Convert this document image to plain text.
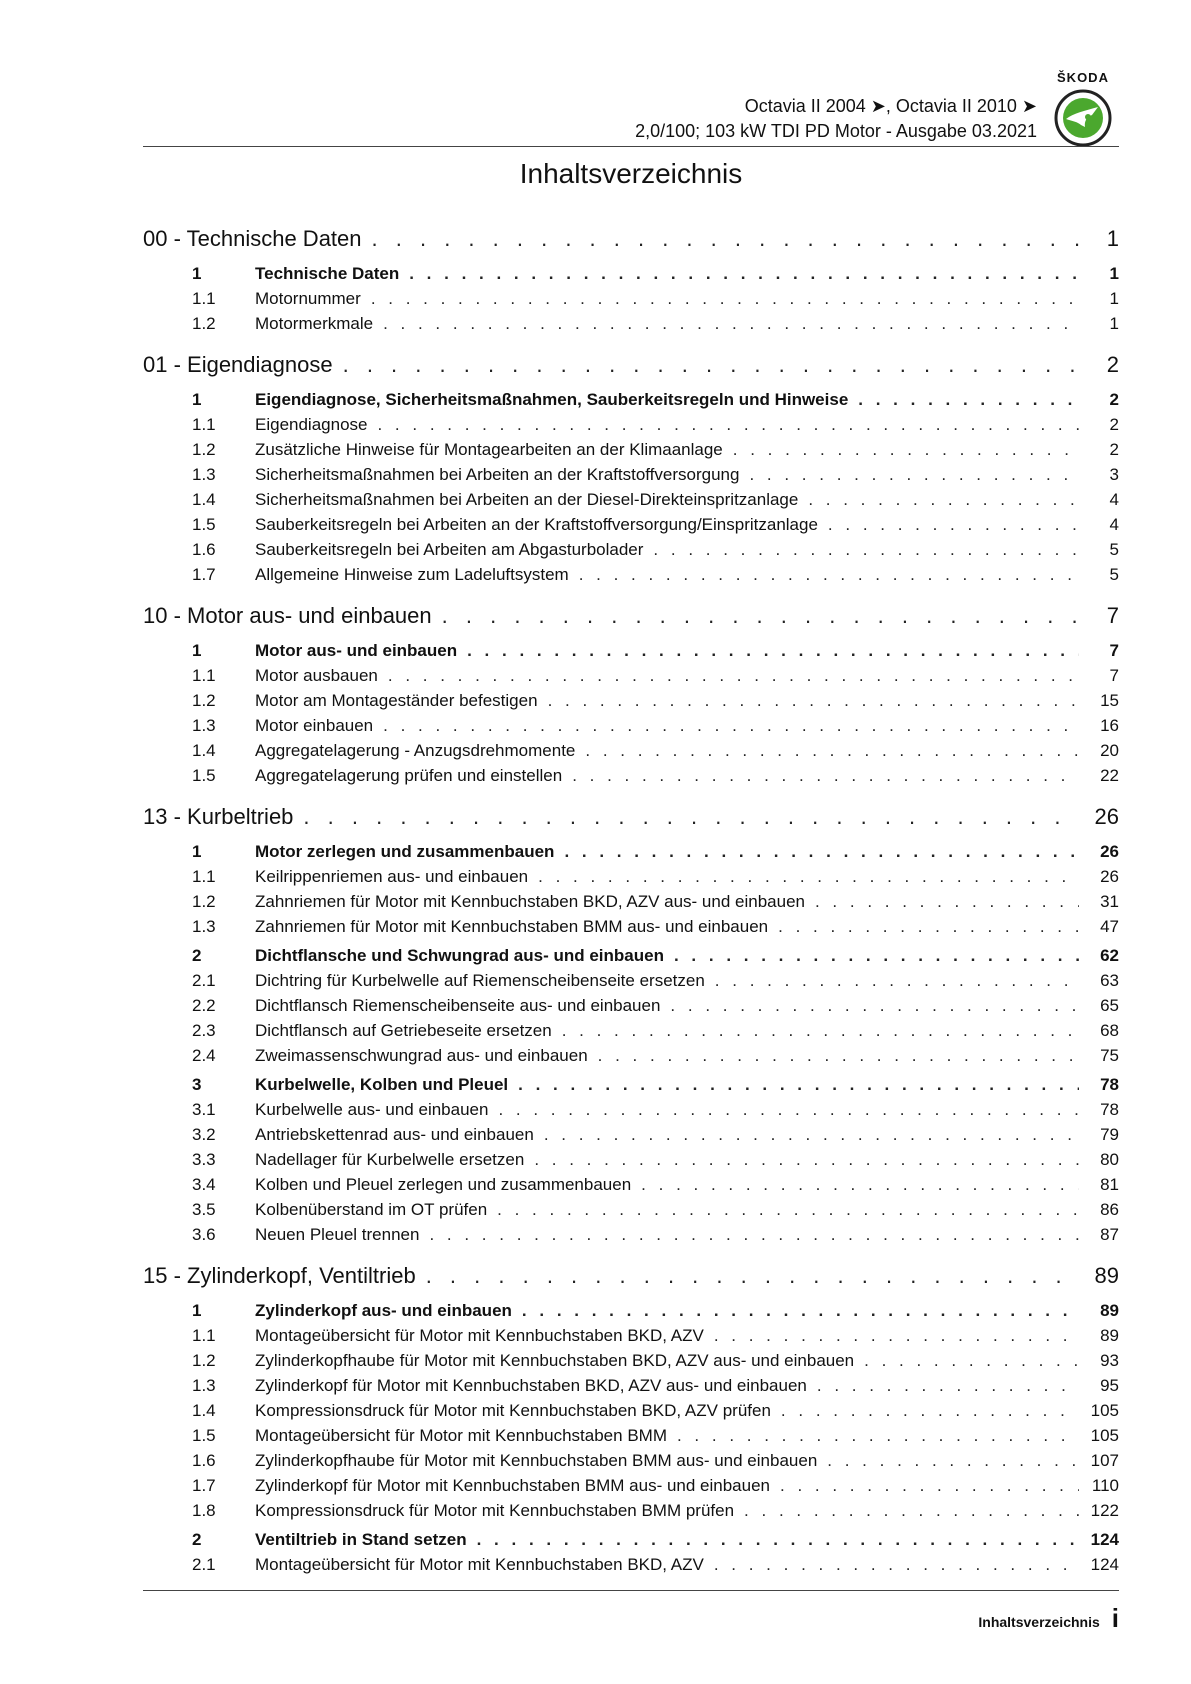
ŠKODA
Octavia II 2004 ➤, Octavia II 2010 ➤
2,0/100; 103 kW TDI PD Motor - Ausgabe 03.2021
Inhaltsverzeichnis
00 - Technische Daten . . .	1
1	Technische Daten . . .	1
1.1	Motornummer . . .	1
1.2	Motormerkmale . . .	1
01 - Eigendiagnose . . .	2
1	Eigendiagnose, Sicherheitsmaßnahmen, Sauberkeitsregeln und Hinweise . . .	2
1.1	Eigendiagnose . . .	2
1.2	Zusätzliche Hinweise für Montagearbeiten an der Klimaanlage . . .	2
1.3	Sicherheitsmaßnahmen bei Arbeiten an der Kraftstoffversorgung . . .	3
1.4	Sicherheitsmaßnahmen bei Arbeiten an der Diesel-Direkteinspritzanlage . . .	4
1.5	Sauberkeitsregeln bei Arbeiten an der Kraftstoffversorgung/Einspritzanlage . . .	4
1.6	Sauberkeitsregeln bei Arbeiten am Abgasturbolader . . .	5
1.7	Allgemeine Hinweise zum Ladeluftsystem . . .	5
10 - Motor aus- und einbauen . . .	7
1	Motor aus- und einbauen . . .	7
1.1	Motor ausbauen . . .	7
1.2	Motor am Montageständer befestigen . . .	15
1.3	Motor einbauen . . .	16
1.4	Aggregatelagerung - Anzugsdrehmomente . . .	20
1.5	Aggregatelagerung prüfen und einstellen . . .	22
13 - Kurbeltrieb . . .	26
1	Motor zerlegen und zusammenbauen . . .	26
1.1	Keilrippenriemen aus- und einbauen . . .	26
1.2	Zahnriemen für Motor mit Kennbuchstaben BKD, AZV aus- und einbauen . . .	31
1.3	Zahnriemen für Motor mit Kennbuchstaben BMM aus- und einbauen . . .	47
2	Dichtflansche und Schwungrad aus- und einbauen . . .	62
2.1	Dichtring für Kurbelwelle auf Riemenscheibenseite ersetzen . . .	63
2.2	Dichtflansch Riemenscheibenseite aus- und einbauen . . .	65
2.3	Dichtflansch auf Getriebeseite ersetzen . . .	68
2.4	Zweimassenschwungrad aus- und einbauen . . .	75
3	Kurbelwelle, Kolben und Pleuel . . .	78
3.1	Kurbelwelle aus- und einbauen . . .	78
3.2	Antriebskettenrad aus- und einbauen . . .	79
3.3	Nadellager für Kurbelwelle ersetzen . . .	80
3.4	Kolben und Pleuel zerlegen und zusammenbauen . . .	81
3.5	Kolbenüberstand im OT prüfen . . .	86
3.6	Neuen Pleuel trennen . . .	87
15 - Zylinderkopf, Ventiltrieb . . .	89
1	Zylinderkopf aus- und einbauen . . .	89
1.1	Montageübersicht für Motor mit Kennbuchstaben BKD, AZV . . .	89
1.2	Zylinderkopfhaube für Motor mit Kennbuchstaben BKD, AZV aus- und einbauen . . .	93
1.3	Zylinderkopf für Motor mit Kennbuchstaben BKD, AZV aus- und einbauen . . .	95
1.4	Kompressionsdruck für Motor mit Kennbuchstaben BKD, AZV prüfen . . .	105
1.5	Montageübersicht für Motor mit Kennbuchstaben BMM . . .	105
1.6	Zylinderkopfhaube für Motor mit Kennbuchstaben BMM aus- und einbauen . . .	107
1.7	Zylinderkopf für Motor mit Kennbuchstaben BMM aus- und einbauen . . .	110
1.8	Kompressionsdruck für Motor mit Kennbuchstaben BMM prüfen . . .	122
2	Ventiltrieb in Stand setzen . . .	124
2.1	Montageübersicht für Motor mit Kennbuchstaben BKD, AZV . . .	124
Inhaltsverzeichnis i
